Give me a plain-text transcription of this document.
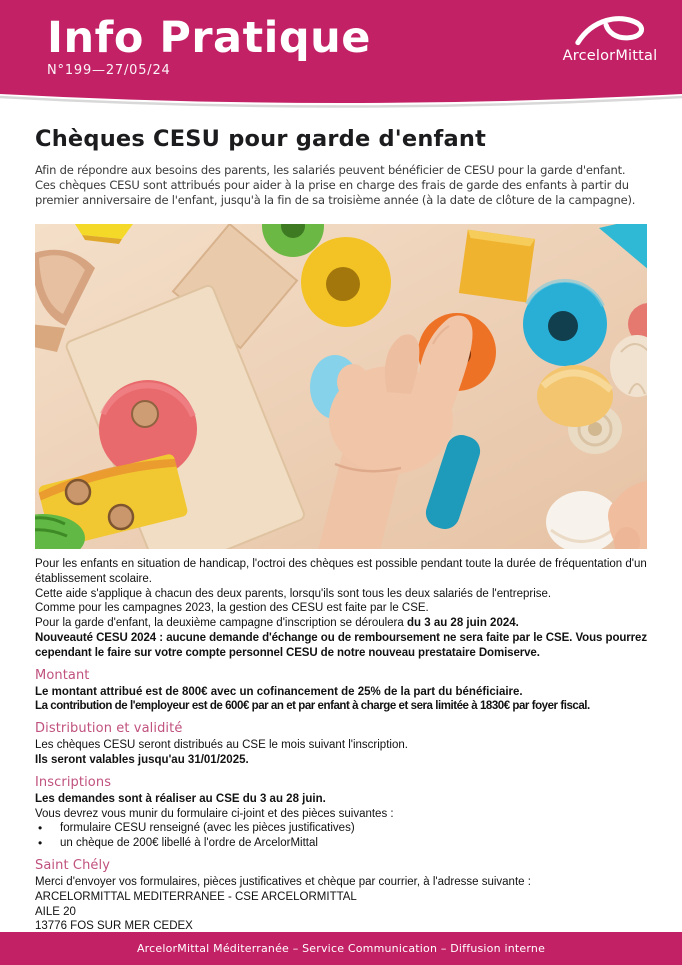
Info Pratique
N°199—27/05/24
ArcelorMittal
Chèques CESU pour garde d'enfant
Afin de répondre aux besoins des parents, les salariés peuvent bénéficier de CESU pour la garde d'enfant.
Ces chèques CESU sont attribués pour aider à la prise en charge des frais de garde des enfants à partir du premier anniversaire de l'enfant, jusqu'à la fin de sa troisième année (à la date de clôture de la campagne).
Pour les enfants en situation de handicap, l'octroi des chèques est possible pendant toute la durée de fréquentation d'un établissement scolaire.
Cette aide s'applique à chacun des deux parents, lorsqu'ils sont tous les deux salariés de l'entreprise.
Comme pour les campagnes 2023, la gestion des CESU est faite par le CSE.
Pour la garde d'enfant, la deuxième campagne d'inscription se déroulera du 3 au 28 juin 2024.
Nouveauté CESU 2024 : aucune demande d'échange ou de remboursement ne sera faite par le CSE. Vous pourrez cependant le faire sur votre compte personnel CESU de notre nouveau prestataire Domiserve.
Montant
Le montant attribué est de 800€ avec un cofinancement de 25% de la part du bénéficiaire.
La contribution de l'employeur est de 600€ par an et par enfant à charge et sera limitée à 1830€ par foyer fiscal.
Distribution et validité
Les chèques CESU seront distribués au CSE le mois suivant l'inscription.
Ils seront valables jusqu'au 31/01/2025.
Inscriptions
Les demandes sont à réaliser au CSE du 3 au 28 juin.
Vous devrez vous munir du formulaire ci-joint et des pièces suivantes :
• formulaire CESU renseigné (avec les pièces justificatives)
• un chèque de 200€ libellé à l'ordre de ArcelorMittal
Saint Chély
Merci d'envoyer vos formulaires, pièces justificatives et chèque par courrier, à l'adresse suivante :
ARCELORMITTAL MEDITERRANEE - CSE ARCELORMITTAL
AILE 20
13776 FOS SUR MER CEDEX
ArcelorMittal Méditerranée – Service Communication – Diffusion interne
